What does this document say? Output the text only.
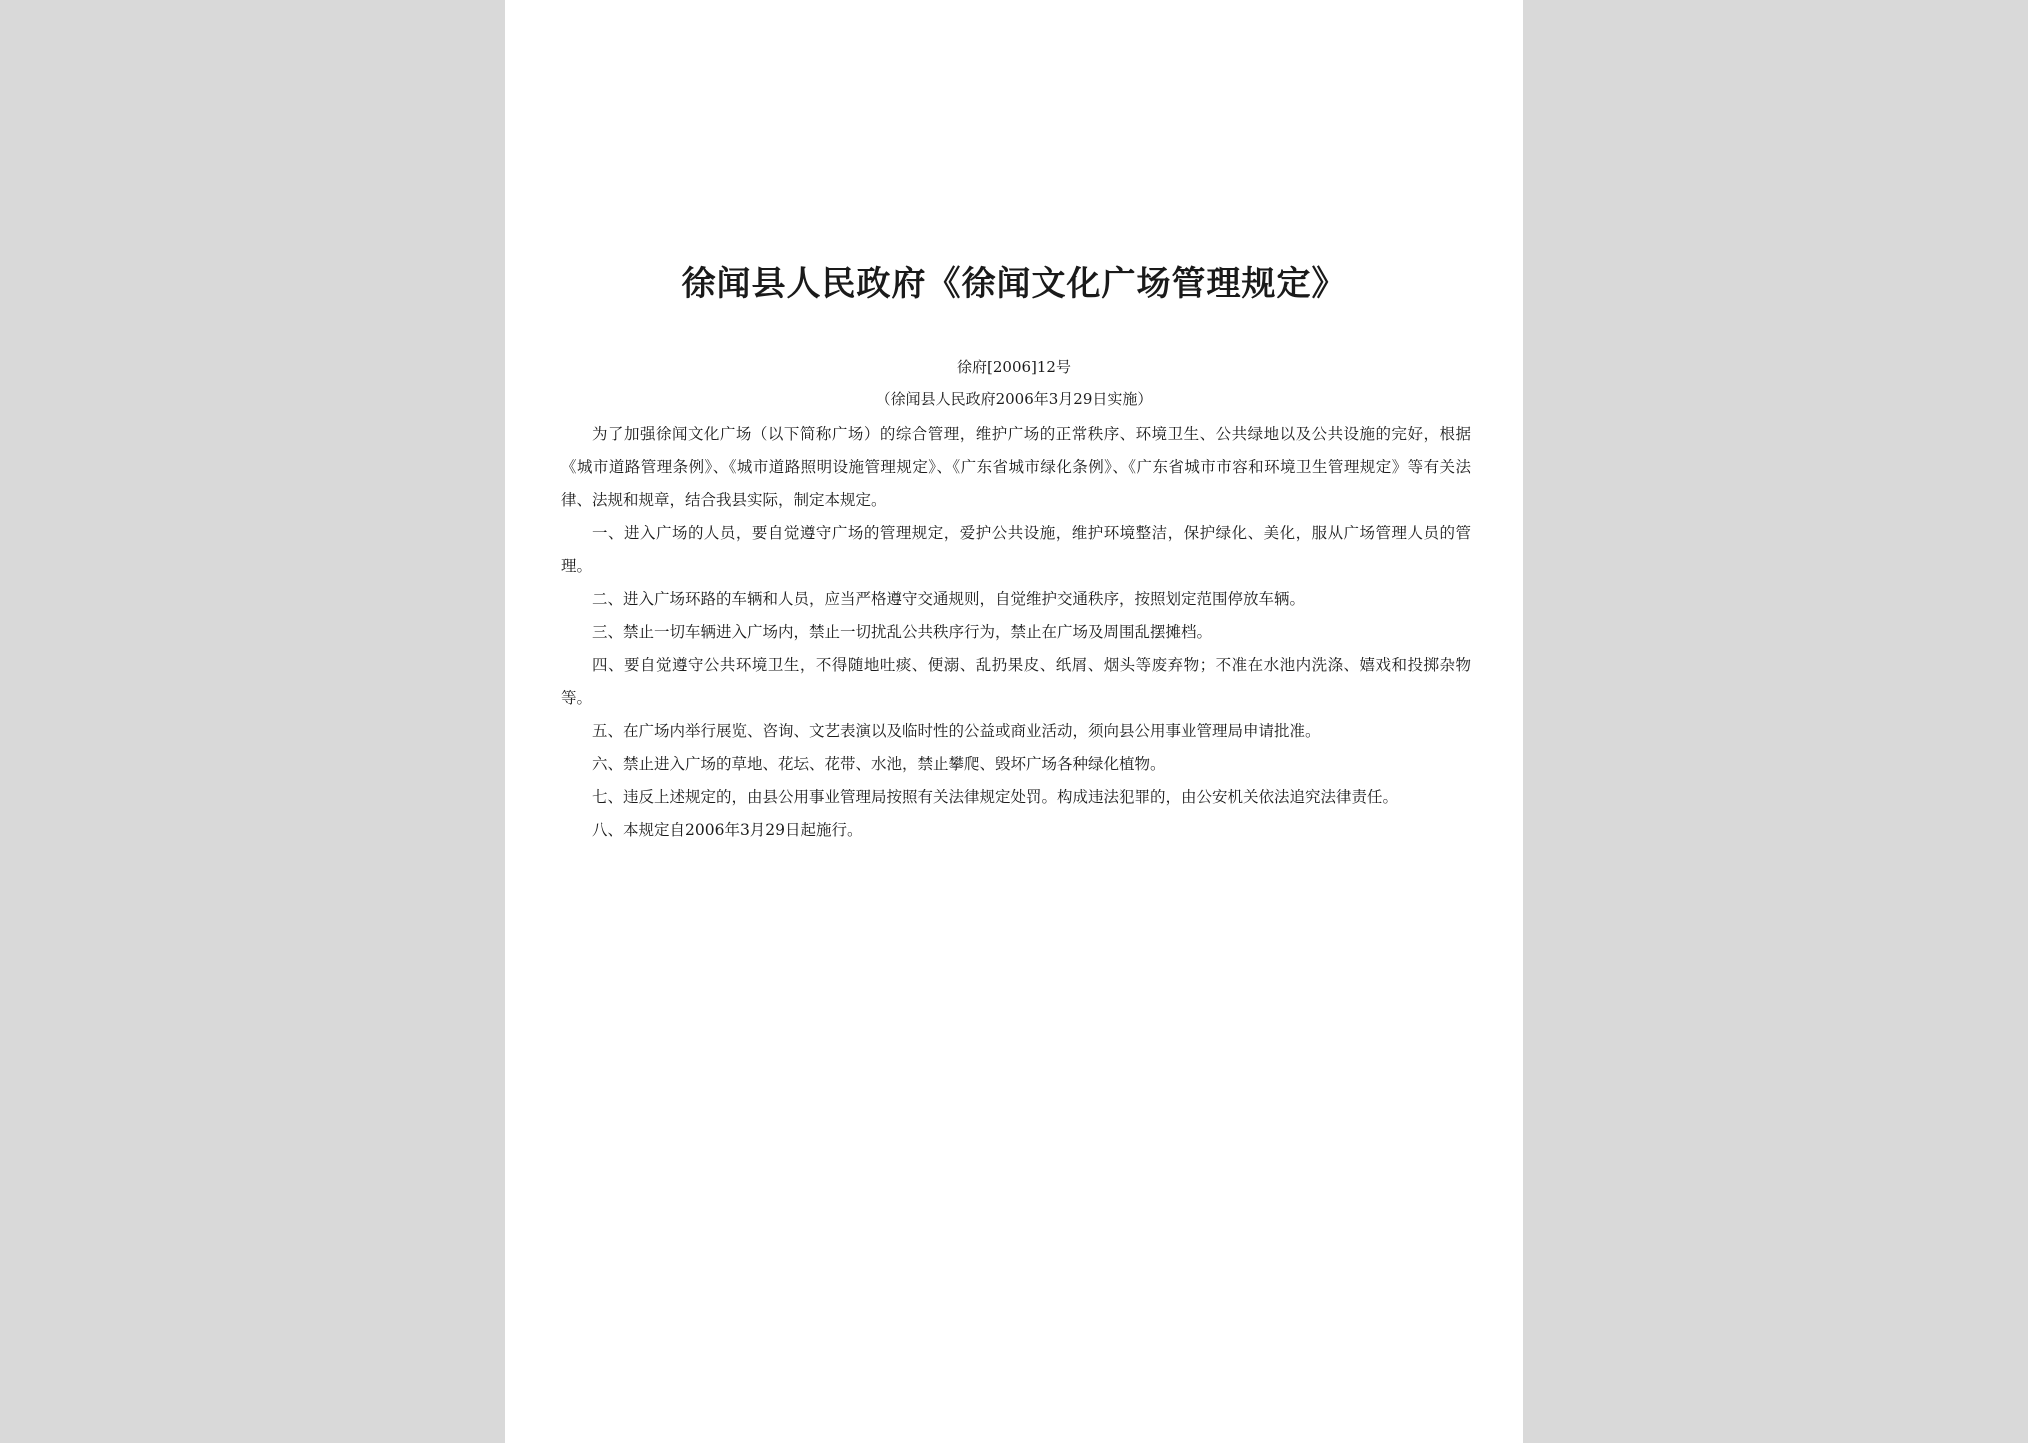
徐闻县人民政府《徐闻文化广场管理规定》
徐府[2006]12号
（徐闻县人民政府2006年3月29日实施）

为了加强徐闻文化广场（以下简称广场）的综合管理，维护广场的正常秩序、环境卫生、公共绿地以及公共设施的完好，根据《城市道路管理条例》、《城市道路照明设施管理规定》、《广东省城市绿化条例》、《广东省城市市容和环境卫生管理规定》等有关法律、法规和规章，结合我县实际，制定本规定。

一、进入广场的人员，要自觉遵守广场的管理规定，爱护公共设施，维护环境整洁，保护绿化、美化，服从广场管理人员的管理。

二、进入广场环路的车辆和人员，应当严格遵守交通规则，自觉维护交通秩序，按照划定范围停放车辆。

三、禁止一切车辆进入广场内，禁止一切扰乱公共秩序行为，禁止在广场及周围乱摆摊档。

四、要自觉遵守公共环境卫生，不得随地吐痰、便溺、乱扔果皮、纸屑、烟头等废弃物；不准在水池内洗涤、嬉戏和投掷杂物等。

五、在广场内举行展览、咨询、文艺表演以及临时性的公益或商业活动，须向县公用事业管理局申请批准。

六、禁止进入广场的草地、花坛、花带、水池，禁止攀爬、毁坏广场各种绿化植物。

七、违反上述规定的，由县公用事业管理局按照有关法律规定处罚。构成违法犯罪的，由公安机关依法追究法律责任。

八、本规定自2006年3月29日起施行。
